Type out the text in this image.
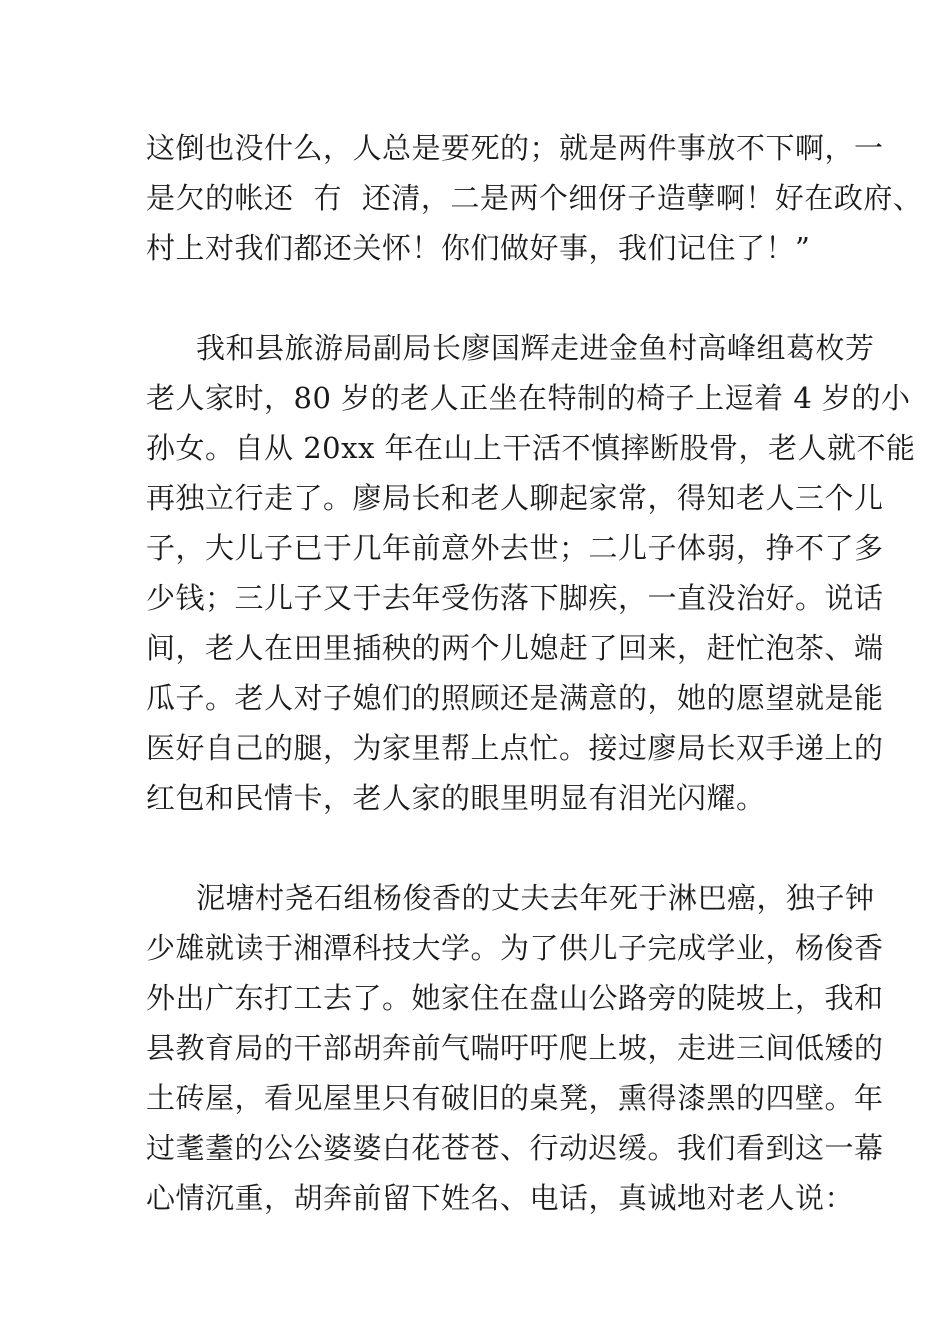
这倒也没什么，人总是要死的；就是两件事放不下啊，一
是欠的帐还  冇  还清，二是两个细伢子造孽啊！好在政府、
村上对我们都还关怀！你们做好事，我们记住了！”
我和县旅游局副局长廖国辉走进金鱼村高峰组葛枚芳
老人家时，80 岁的老人正坐在特制的椅子上逗着 4 岁的小
孙女。自从 20xx 年在山上干活不慎摔断股骨，老人就不能
再独立行走了。廖局长和老人聊起家常，得知老人三个儿
子，大儿子已于几年前意外去世；二儿子体弱，挣不了多
少钱；三儿子又于去年受伤落下脚疾，一直没治好。说话
间，老人在田里插秧的两个儿媳赶了回来，赶忙泡茶、端
瓜子。老人对子媳们的照顾还是满意的，她的愿望就是能
医好自己的腿，为家里帮上点忙。接过廖局长双手递上的
红包和民情卡，老人家的眼里明显有泪光闪耀。
泥塘村尧石组杨俊香的丈夫去年死于淋巴癌，独子钟
少雄就读于湘潭科技大学。为了供儿子完成学业，杨俊香
外出广东打工去了。她家住在盘山公路旁的陡坡上，我和
县教育局的干部胡奔前气喘吁吁爬上坡，走进三间低矮的
土砖屋，看见屋里只有破旧的桌凳，熏得漆黑的四壁。年
过耄耋的公公婆婆白花苍苍、行动迟缓。我们看到这一幕
心情沉重，胡奔前留下姓名、电话，真诚地对老人说：
